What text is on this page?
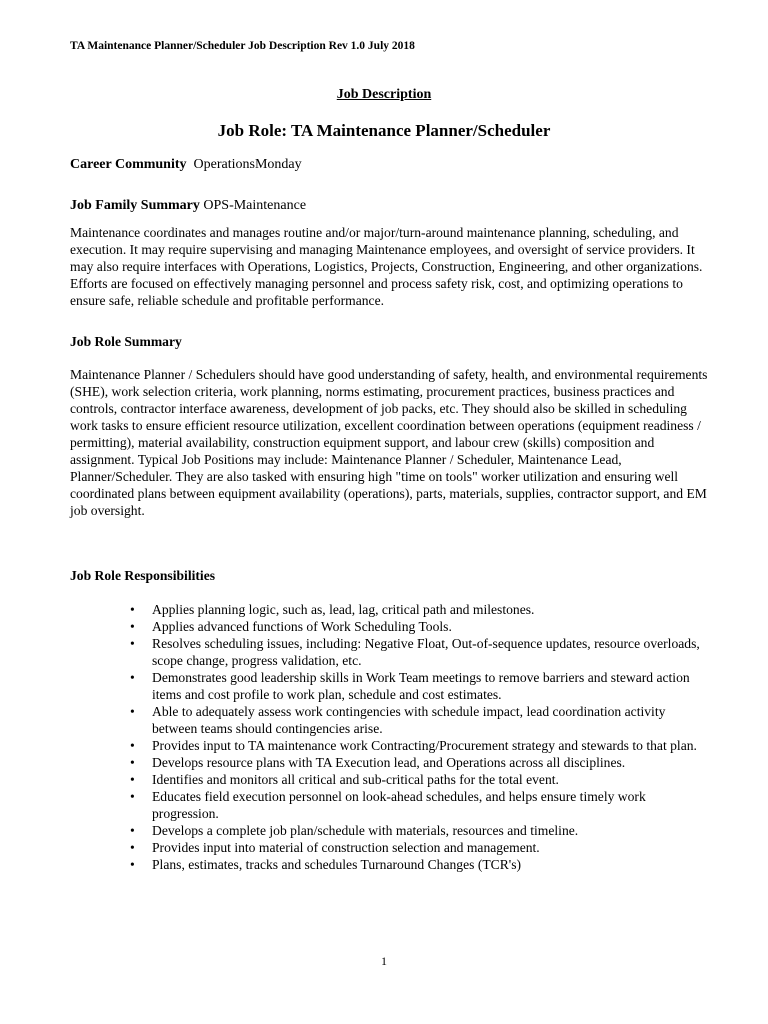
TA Maintenance Planner/Scheduler Job Description Rev 1.0 July 2018
Job Description
Job Role: TA Maintenance Planner/Scheduler
Career Community OperationsMonday
Job Family Summary OPS-Maintenance
Maintenance coordinates and manages routine and/or major/turn-around maintenance planning, scheduling, and execution. It may require supervising and managing Maintenance employees, and oversight of service providers. It may also require interfaces with Operations, Logistics, Projects, Construction, Engineering, and other organizations. Efforts are focused on effectively managing personnel and process safety risk, cost, and optimizing operations to ensure safe, reliable schedule and profitable performance.
Job Role Summary
Maintenance Planner / Schedulers should have good understanding of safety, health, and environmental requirements (SHE), work selection criteria, work planning, norms estimating, procurement practices, business practices and controls, contractor interface awareness, development of job packs, etc. They should also be skilled in scheduling work tasks to ensure efficient resource utilization, excellent coordination between operations (equipment readiness / permitting), material availability, construction equipment support, and labour crew (skills) composition and assignment. Typical Job Positions may include: Maintenance Planner / Scheduler, Maintenance Lead, Planner/Scheduler. They are also tasked with ensuring high "time on tools" worker utilization and ensuring well coordinated plans between equipment availability (operations), parts, materials, supplies, contractor support, and EM job oversight.
Job Role Responsibilities
• Applies planning logic, such as, lead, lag, critical path and milestones.
• Applies advanced functions of Work Scheduling Tools.
• Resolves scheduling issues, including: Negative Float, Out-of-sequence updates, resource overloads, scope change, progress validation, etc.
• Demonstrates good leadership skills in Work Team meetings to remove barriers and steward action items and cost profile to work plan, schedule and cost estimates.
• Able to adequately assess work contingencies with schedule impact, lead coordination activity between teams should contingencies arise.
• Provides input to TA maintenance work Contracting/Procurement strategy and stewards to that plan.
• Develops resource plans with TA Execution lead, and Operations across all disciplines.
• Identifies and monitors all critical and sub-critical paths for the total event.
• Educates field execution personnel on look-ahead schedules, and helps ensure timely work progression.
• Develops a complete job plan/schedule with materials, resources and timeline.
• Provides input into material of construction selection and management.
• Plans, estimates, tracks and schedules Turnaround Changes (TCR's)
1
